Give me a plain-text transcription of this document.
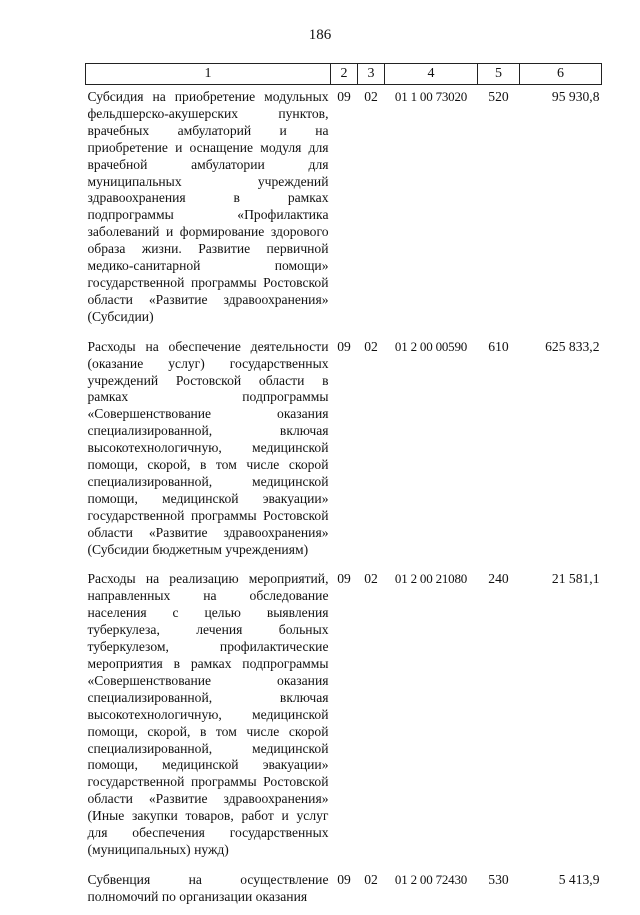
186
1	2	3	4	5	6
Субсидия на приобретение модульных фельдшерско-акушерских пунктов, врачебных амбулаторий и на приобретение и оснащение модуля для врачебной амбулатории для муниципальных учреждений здравоохранения в рамках подпрограммы «Профилактика заболеваний и формирование здорового образа жизни. Развитие первичной медико-санитарной помощи» государственной программы Ростовской области «Развитие здравоохранения» (Субсидии)	09	02	01 1 00 73020	520	95 930,8
Расходы на обеспечение деятельности (оказание услуг) государственных учреждений Ростовской области в рамках подпрограммы «Совершенствование оказания специализированной, включая высокотехнологичную, медицинской помощи, скорой, в том числе скорой специализированной, медицинской помощи, медицинской эвакуации» государственной программы Ростовской области «Развитие здравоохранения» (Субсидии бюджетным учреждениям)	09	02	01 2 00 00590	610	625 833,2
Расходы на реализацию мероприятий, направленных на обследование населения с целью выявления туберкулеза, лечения больных туберкулезом, профилактические мероприятия в рамках подпрограммы «Совершенствование оказания специализированной, включая высокотехнологичную, медицинской помощи, скорой, в том числе скорой специализированной, медицинской помощи, медицинской эвакуации» государственной программы Ростовской области «Развитие здравоохранения» (Иные закупки товаров, работ и услуг для обеспечения государственных (муниципальных) нужд)	09	02	01 2 00 21080	240	21 581,1
Субвенция на осуществление полномочий по организации оказания	09	02	01 2 00 72430	530	5 413,9
